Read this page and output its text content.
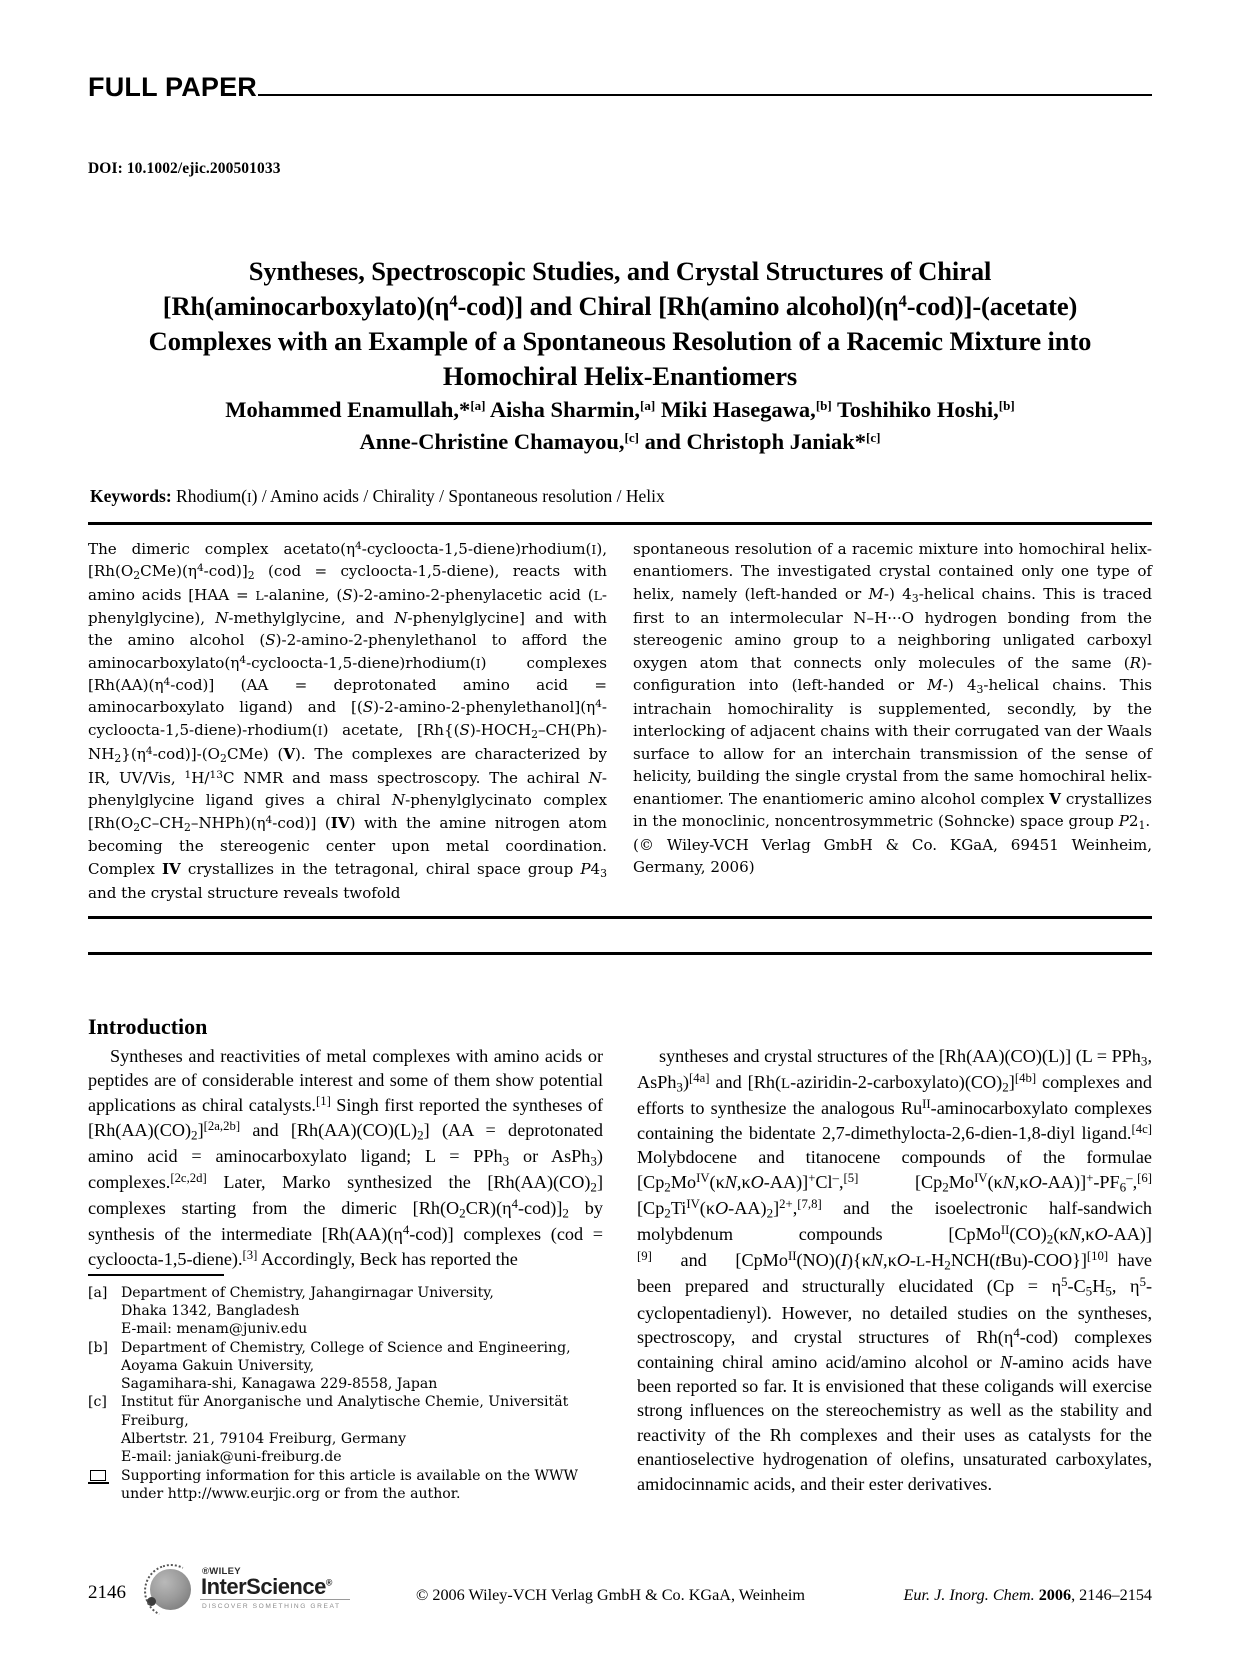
FULL PAPER
DOI: 10.1002/ejic.200501033
Syntheses, Spectroscopic Studies, and Crystal Structures of Chiral $[Rh(aminocarboxylato)(\eta^4-cod)]$ and Chiral [Rh(amino $alcohol)(\eta^4-cod)]-(acetate)$ Complexes with an Example of a Spontaneous Resolution of a Racemic Mixture into Homochiral Helix-Enantiomers
Mohammed Enamullah,*[a] Aisha Sharmin,[a] Miki Hasegawa,[b] Toshihiko Hoshi,[b]
Anne-Christine Chamayou,[c] and Christoph Janiak*[c]
Keywords: Rhodium(I) / Amino acids / Chirality / Spontaneous resolution / Helix

The dimeric complex $acetato(\eta^4-cycloocta-1,5-diene)rhodium(I)$, $[Rh(O_2CMe)(\eta^4-cod)]_2$ (cod = cycloocta-1,5-diene), reacts with amino acids [HAA = L-alanine, (S)-2-amino-2-phenylacetic acid (L-phenylglycine), N-methylglycine, and N-phenylglycine] and with the amino alcohol (S)-2-amino-2-phenylethanol to afford the $aminocarboxylato(\eta^4-cycloocta-1,5-diene)rhodium(I)$ complexes $[Rh(AA)(\eta^4-cod)] (AA$ = deprotonated amino acid = aminocarboxylato ligand) and $[(S)-2-amino-2-phenylethanol](\eta^4-cycloocta-1,5-diene)-rhodium(I)$ acetate, $[Rh\{(S)-HOCH_2-CH(Ph)-NH_2\}(\eta^4-cod)]-(O_2CMe)$ (V). The complexes are characterized by IR, UV/Vis, $^1$H/$^{13}$C NMR and mass spectroscopy. The achiral N-phenylglycine ligand gives a chiral N-phenylglycinato complex $[Rh(O_2C-CH_2-NHPh)(\eta^4-cod)]$ (IV) with the amine nitrogen atom becoming the stereogenic center upon metal coordination. Complex IV crystallizes in the tetragonal, chiral space group $P4_3$ and the crystal structure reveals twofold

spontaneous resolution of a racemic mixture into homochiral helix-enantiomers. The investigated crystal contained only one type of helix, namely (left-handed or M-) $4_3$-helical chains. This is traced first to an intermolecular N–H···O hydrogen bonding from the stereogenic amino group to a neighboring unligated carboxyl oxygen atom that connects only molecules of the same (R)-configuration into (left-handed or M-) $4_3$-helical chains. This intrachain homochirality is supplemented, secondly, by the interlocking of adjacent chains with their corrugated van der Waals surface to allow for an interchain transmission of the sense of helicity, building the single crystal from the same homochiral helix-enantiomer. The enantiomeric amino alcohol complex V crystallizes in the monoclinic, noncentrosymmetric (Sohncke) space group $P2_1$.
(© Wiley-VCH Verlag GmbH & Co. KGaA, 69451 Weinheim, Germany, 2006)

Introduction

Syntheses and reactivities of metal complexes with amino acids or peptides are of considerable interest and some of them show potential applications as chiral catalysts.[1] Singh first reported the syntheses of $[Rh(AA)(CO)_2][2a,2b]$ and $[Rh(AA)(CO)(L)_2] (AA$ = deprotonated amino acid = aminocarboxylato ligand; L = PPh$_3$ or AsPh$_3$) complexes.[2c,2d] Later, Marko synthesized the $[Rh(AA)(CO)_2]$ complexes starting from the dimeric $[Rh(O_2CR)(\eta^4-cod)]_2$ by synthesis of the intermediate $[Rh(AA)(\eta^4-cod)]$ complexes (cod = cycloocta-1,5-diene).[3] Accordingly, Beck has reported the

syntheses and crystal structures of the [Rh(AA)(CO)(L)] (L = PPh$_3$, AsPh$_3$)[4a] and $[Rh(L-aziridin-2-carboxylato)(CO)_2][4b]$ complexes and efforts to synthesize the analogous $Ru^{II}$-aminocarboxylato complexes containing the bidentate 2,7-dimethylocta-2,6-dien-1,8-diyl ligand.[4c] Molybdocene and titanocene compounds of the formulae $[Cp_2Mo^{IV}(\kappa N,\kappa O-AA)]^+Cl^-,[5]$     $[Cp_2Mo^{IV}(\kappa N,\kappa O-AA)]^+-PF_6^-,[6]$ $[Cp_2Ti^{IV}(\kappa O-AA)_2]^{2+},[7,8]$ and the isoelectronic half-sandwich molybdenum compounds $[CpMo^{II}(CO)_2(\kappa N,\kappa O-AA)][9]$   and   $[CpMo^{II}(NO)(I)\{\kappa N,\kappa O-L-H_2NCH(tBu)-COO\}][10]$ have been prepared and structurally elucidated ($Cp = \eta^5-C_5H_5$, $\eta^5-cyclopentadienyl$). However, no detailed studies on the syntheses, spectroscopy, and crystal structures of $Rh(\eta^4-cod)$ complexes containing chiral amino acid/amino alcohol or N-amino acids have been reported so far. It is envisioned that these coligands will exercise strong influences on the stereochemistry as well as the stability and reactivity of the Rh complexes and their uses as catalysts for the enantioselective hydrogenation of olefins, unsaturated carboxylates, amidocinnamic acids, and their ester derivatives.

[a] Department of Chemistry, Jahangirnagar University,
Dhaka 1342, Bangladesh
E-mail: menam@juniv.edu
[b] Department of Chemistry, College of Science and Engineering,
Aoyama Gakuin University,
Sagamihara-shi, Kanagawa 229-8558, Japan
[c]	Institut für Anorganische und Analytische Chemie, Universität Freiburg,
Albertstr. 21, 79104 Freiburg, Germany
E-mail: janiak@uni-freiburg.de
Supporting information for this article is available on the WWW under http://www.eurjic.org or from the author.
2146
®WILEY
InterScience®
DISCOVER SOMETHING GREAT
© 2006 Wiley-VCH Verlag GmbH & Co. KGaA, Weinheim	Eur. J. Inorg. Chem. 2006, 2146–2154
